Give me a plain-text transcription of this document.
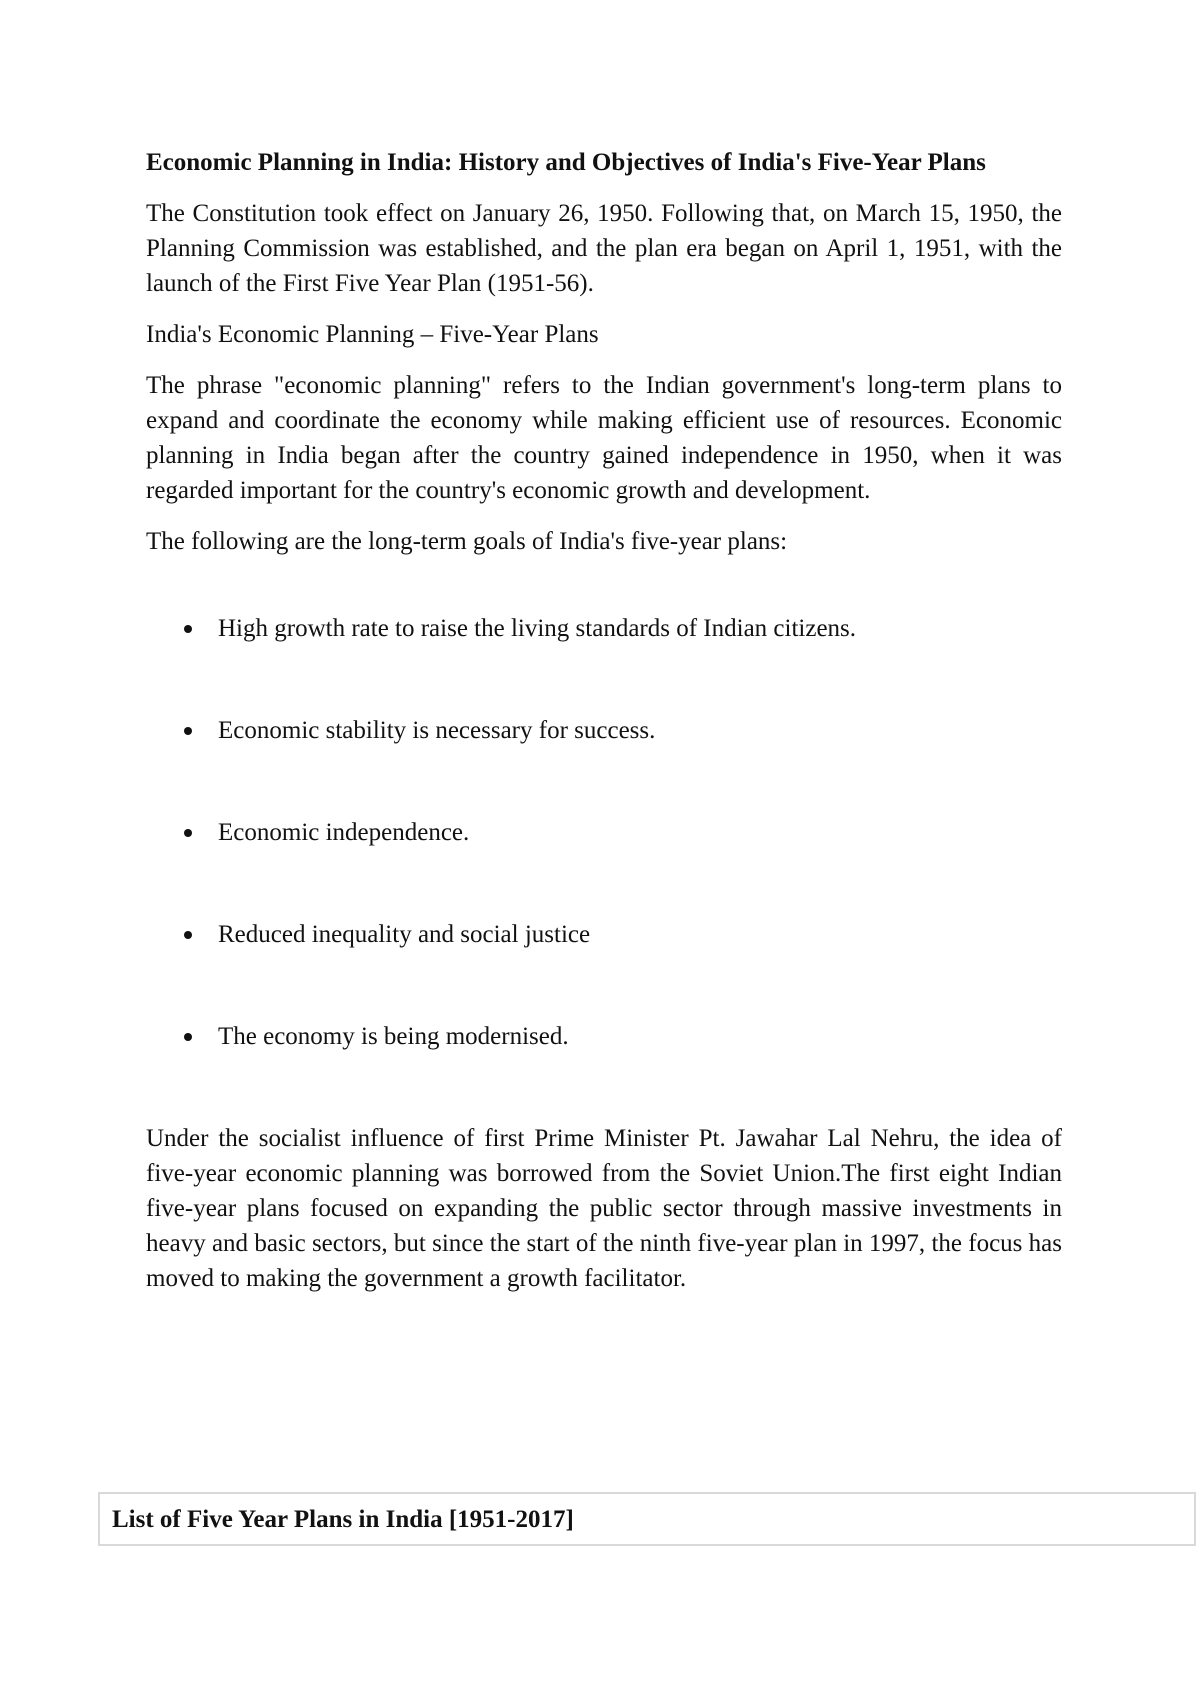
Economic Planning in India: History and Objectives of India's Five-Year Plans

The Constitution took effect on January 26, 1950. Following that, on March 15, 1950, the Planning Commission was established, and the plan era began on April 1, 1951, with the launch of the First Five Year Plan (1951-56).

India's Economic Planning – Five-Year Plans

The phrase "economic planning" refers to the Indian government's long-term plans to expand and coordinate the economy while making efficient use of resources. Economic planning in India began after the country gained independence in 1950, when it was regarded important for the country's economic growth and development.

The following are the long-term goals of India's five-year plans:

High growth rate to raise the living standards of Indian citizens.
Economic stability is necessary for success.
Economic independence.
Reduced inequality and social justice
The economy is being modernised.

Under the socialist influence of first Prime Minister Pt. Jawahar Lal Nehru, the idea of five-year economic planning was borrowed from the Soviet Union.The first eight Indian five-year plans focused on expanding the public sector through massive investments in heavy and basic sectors, but since the start of the ninth five-year plan in 1997, the focus has moved to making the government a growth facilitator.

List of Five Year Plans in India [1951-2017]
